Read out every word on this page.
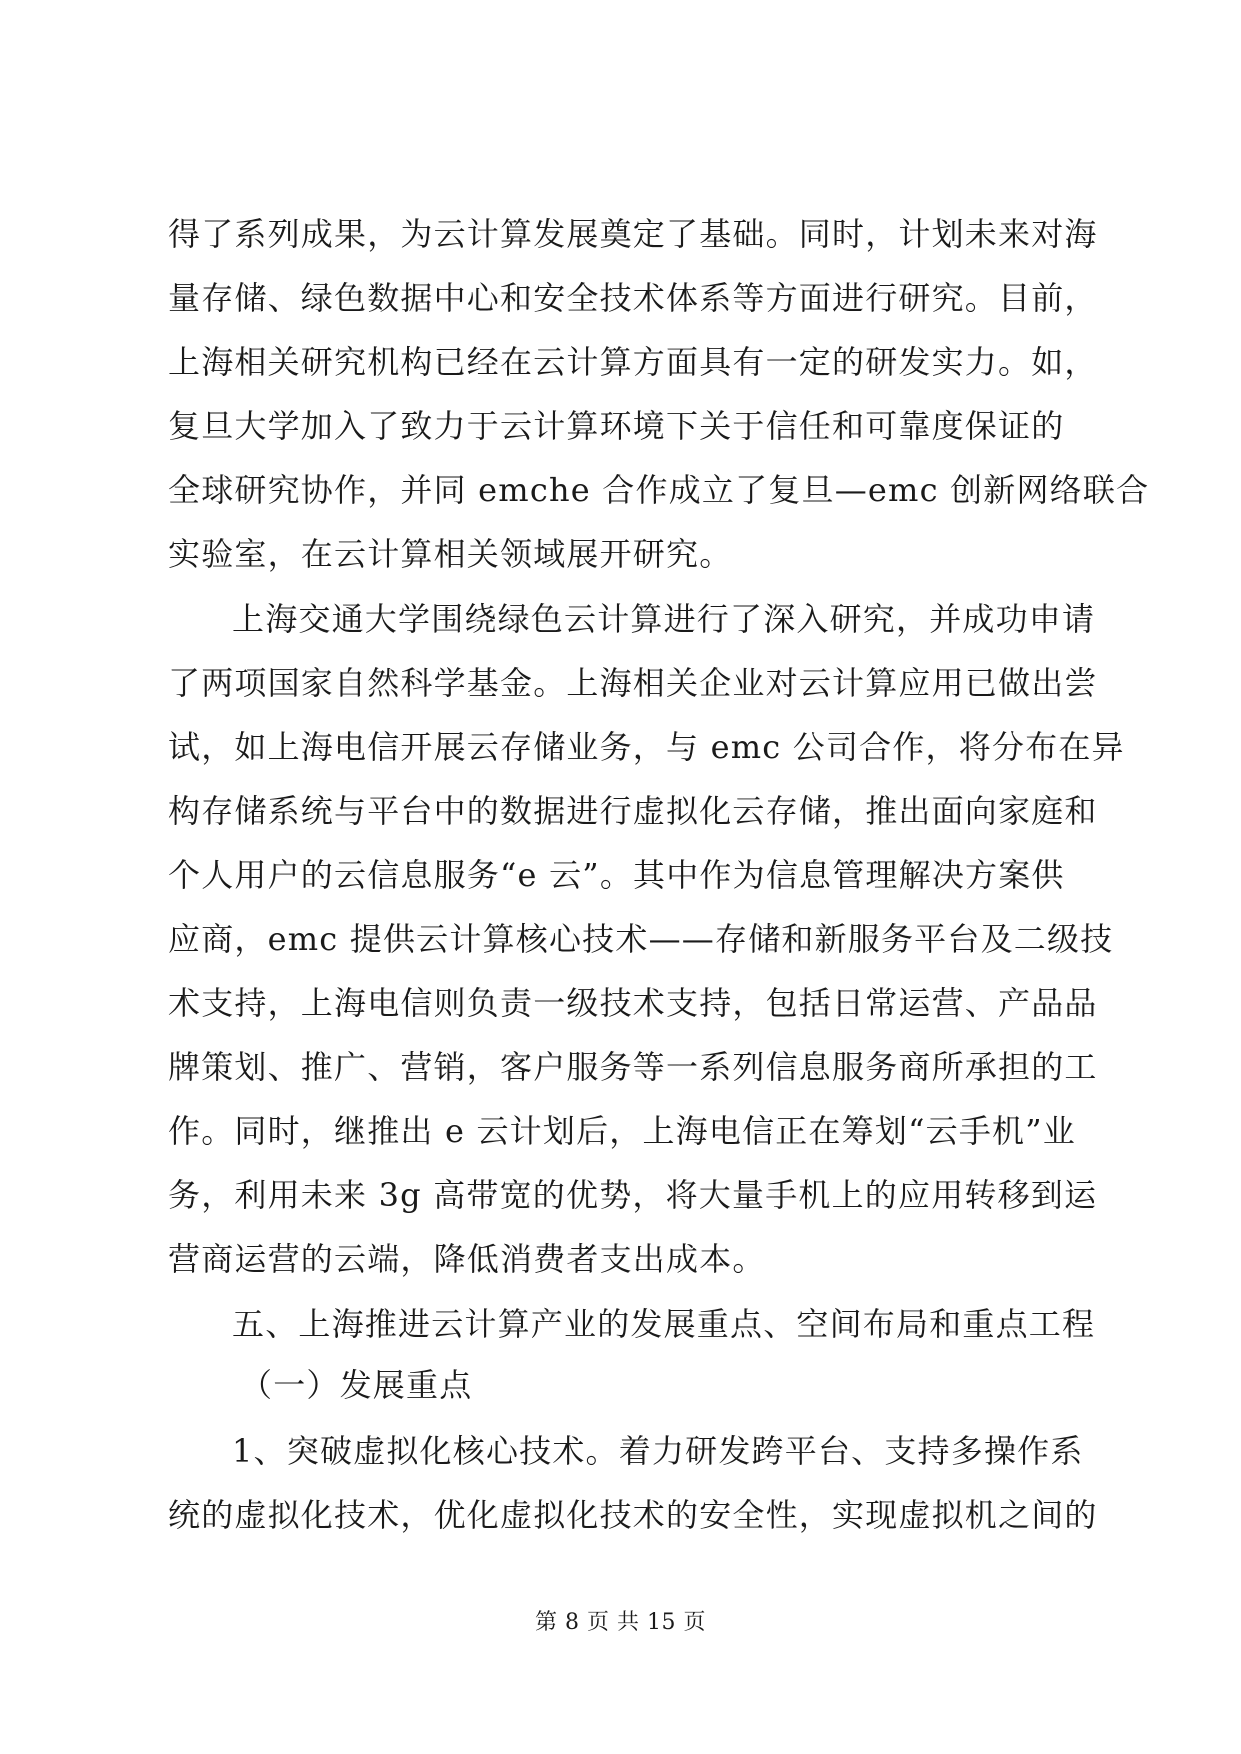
得了系列成果，为云计算发展奠定了基础。同时，计划未来对海
量存储、绿色数据中心和安全技术体系等方面进行研究。目前，
上海相关研究机构已经在云计算方面具有一定的研发实力。如，
复旦大学加入了致力于云计算环境下关于信任和可靠度保证的
全球研究协作，并同 emche 合作成立了复旦—emc 创新网络联合
实验室，在云计算相关领域展开研究。
上海交通大学围绕绿色云计算进行了深入研究，并成功申请
了两项国家自然科学基金。上海相关企业对云计算应用已做出尝
试，如上海电信开展云存储业务，与 emc 公司合作，将分布在异
构存储系统与平台中的数据进行虚拟化云存储，推出面向家庭和
个人用户的云信息服务“e 云”。其中作为信息管理解决方案供
应商，emc 提供云计算核心技术——存储和新服务平台及二级技
术支持，上海电信则负责一级技术支持，包括日常运营、产品品
牌策划、推广、营销，客户服务等一系列信息服务商所承担的工
作。同时，继推出 e 云计划后，上海电信正在筹划“云手机”业
务，利用未来 3g 高带宽的优势，将大量手机上的应用转移到运
营商运营的云端，降低消费者支出成本。
五、上海推进云计算产业的发展重点、空间布局和重点工程
（一）发展重点
1、突破虚拟化核心技术。着力研发跨平台、支持多操作系
统的虚拟化技术，优化虚拟化技术的安全性，实现虚拟机之间的
第 8 页 共 15 页
